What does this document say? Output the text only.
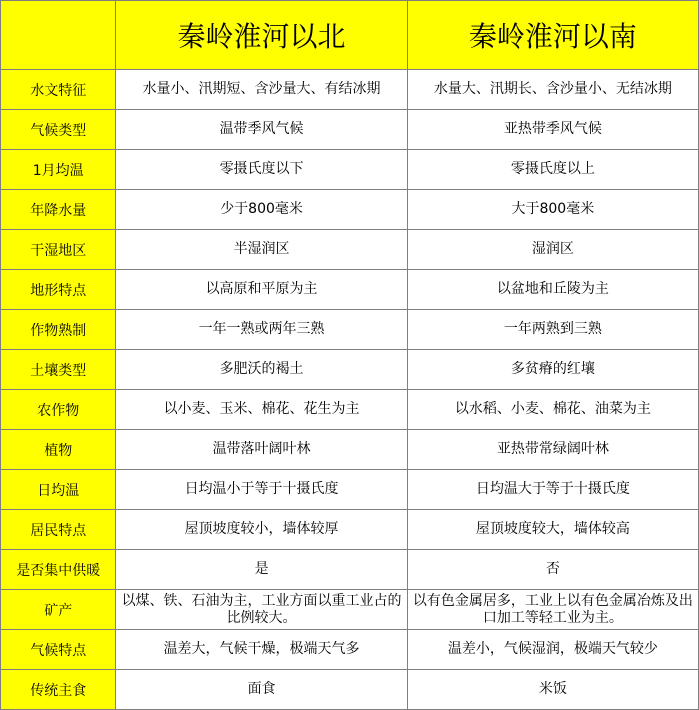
	秦岭淮河以北	秦岭淮河以南
水文特征	水量小、汛期短、含沙量大、有结冰期	水量大、汛期长、含沙量小、无结冰期
气候类型	温带季风气候	亚热带季风气候
1月均温	零摄氏度以下	零摄氏度以上
年降水量	少于800毫米	大于800毫米
干湿地区	半湿润区	湿润区
地形特点	以高原和平原为主	以盆地和丘陵为主
作物熟制	一年一熟或两年三熟	一年两熟到三熟
土壤类型	多肥沃的褐土	多贫瘠的红壤
农作物	以小麦、玉米、棉花、花生为主	以水稻、小麦、棉花、油菜为主
植物	温带落叶阔叶林	亚热带常绿阔叶林
日均温	日均温小于等于十摄氏度	日均温大于等于十摄氏度
居民特点	屋顶坡度较小，墙体较厚	屋顶坡度较大，墙体较高
是否集中供暖	是	否
矿产	以煤、铁、石油为主，工业方面以重工业占的比例较大。	以有色金属居多，工业上以有色金属冶炼及出口加工等轻工业为主。
气候特点	温差大，气候干燥，极端天气多	温差小，气候湿润，极端天气较少
传统主食	面食	米饭
